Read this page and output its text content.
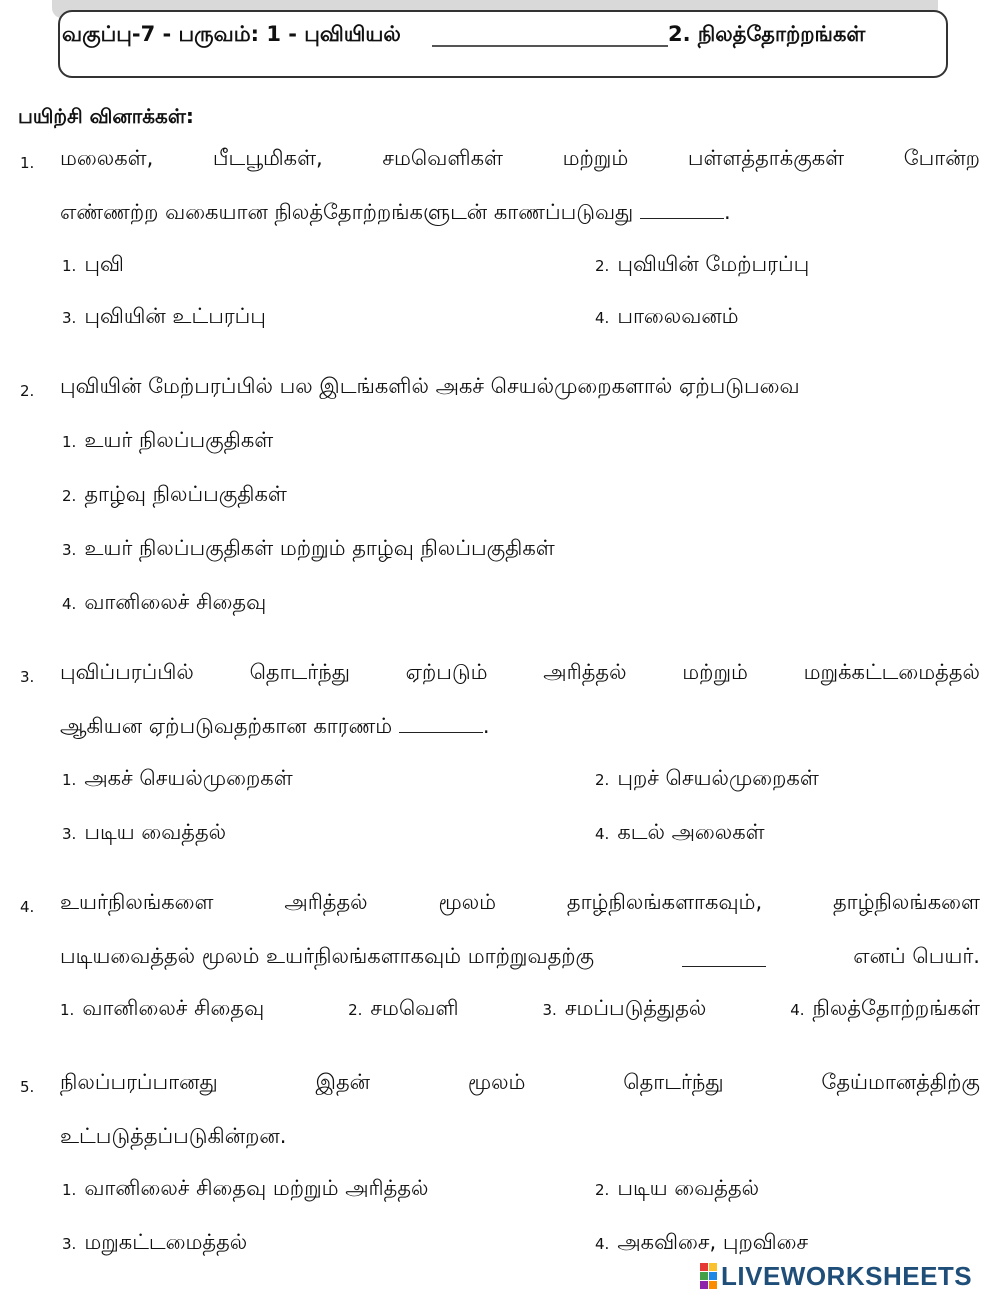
வகுப்பு-7 - பருவம்: 1 - புவியியல்	2. நிலத்தோற்றங்கள்
பயிற்சி வினாக்கள்:
1. மலைகள்,	பீடபூமிகள்,	சமவெளிகள்	மற்றும்	பள்ளத்தாக்குகள்	போன்ற
எண்ணற்ற வகையான நிலத்தோற்றங்களுடன் காணப்படுவது	.
1. புவி	2. புவியின் மேற்பரப்பு
3. புவியின் உட்பரப்பு	4. பாலைவனம்
2. புவியின் மேற்பரப்பில் பல இடங்களில் அகச் செயல்முறைகளால் ஏற்படுபவை
1. உயர் நிலப்பகுதிகள்
2. தாழ்வு நிலப்பகுதிகள்
3. உயர் நிலப்பகுதிகள் மற்றும் தாழ்வு நிலப்பகுதிகள்
4. வானிலைச் சிதைவு
3. புவிப்பரப்பில்	தொடர்ந்து	ஏற்படும்	அரித்தல்	மற்றும்	மறுக்கட்டமைத்தல்
ஆகியன ஏற்படுவதற்கான காரணம்	.
1. அகச் செயல்முறைகள்	2. புறச் செயல்முறைகள்
3. படிய வைத்தல்	4. கடல் அலைகள்
4. உயர்நிலங்களை	அரித்தல்	மூலம்	தாழ்நிலங்களாகவும்,	தாழ்நிலங்களை
படியவைத்தல் மூலம் உயர்நிலங்களாகவும் மாற்றுவதற்கு	எனப் பெயர்.
1. வானிலைச் சிதைவு	2. சமவெளி	3. சமப்படுத்துதல்	4. நிலத்தோற்றங்கள்
5. நிலப்பரப்பானது	இதன்	மூலம்	தொடர்ந்து	தேய்மானத்திற்கு
உட்படுத்தப்படுகின்றன.
1. வானிலைச் சிதைவு மற்றும் அரித்தல்	2. படிய வைத்தல்
3. மறுகட்டமைத்தல்	4. அகவிசை, புறவிசை
LIVEWORKSHEETS
